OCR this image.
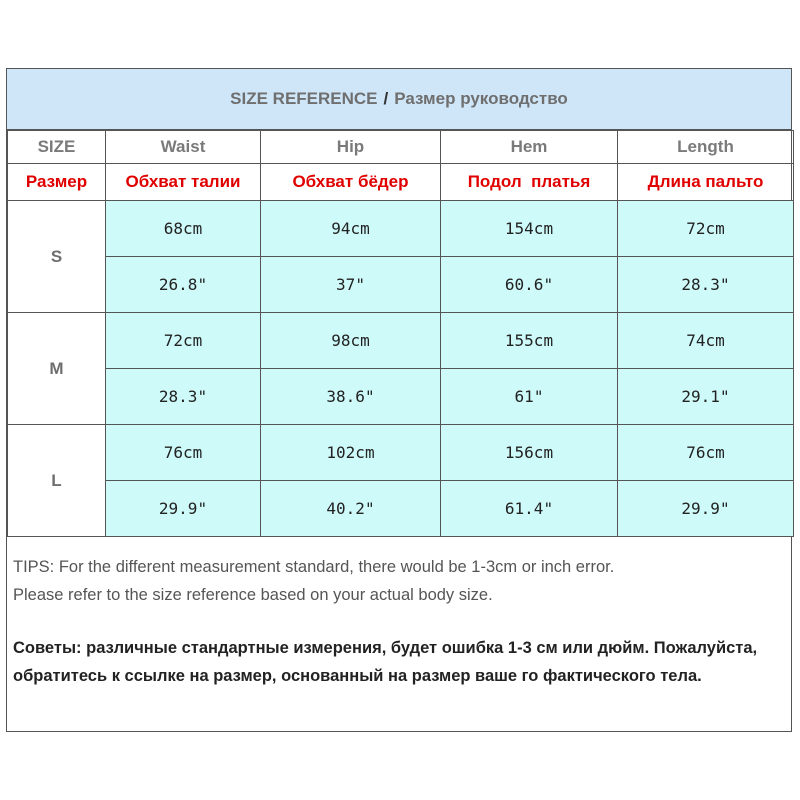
SIZE REFERENCE / Размер руководство
SIZE	Waist	Hip	Hem	Length
Размер	Обхват талии	Обхват бёдер	Подол  платья	Длина пальто
S	68cm	94cm	154cm	72cm
	26.8"	37"	60.6"	28.3"
M	72cm	98cm	155cm	74cm
	28.3"	38.6"	61"	29.1"
L	76cm	102cm	156cm	76cm
	29.9"	40.2"	61.4"	29.9"
TIPS: For the different measurement standard, there would be 1-3cm or inch error.
Please refer to the size reference based on your actual body size.
Советы: различные стандартные измерения, будет ошибка 1-3 см или дюйм. Пожалуйста, обратитесь к ссылке на размер, основанный на размер ваше го фактического тела.
